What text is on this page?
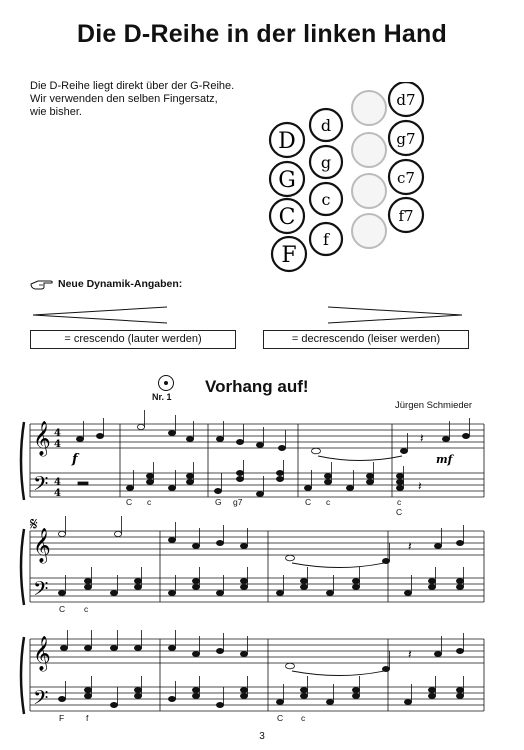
Die D-Reihe in der linken Hand
Die D-Reihe liegt direkt über der G-Reihe.
Wir verwenden den selben Fingersatz,
wie bisher.
d7
g7
c7
f7
d
g
c
f
D
G
C
F
Neue Dynamik-Angaben:
= crescendo (lauter werden)	= decrescendo (leiser werden)
Nr. 1
Vorhang auf!
Jürgen Schmieder
𝄞
𝄢
4
4
4
4
f	mf
𝄽
𝄽
C c	G g7	C c	c
C
𝄋
𝄞
𝄢
𝄽
C c
𝄞
𝄢
𝄽
F	f	C c
3
